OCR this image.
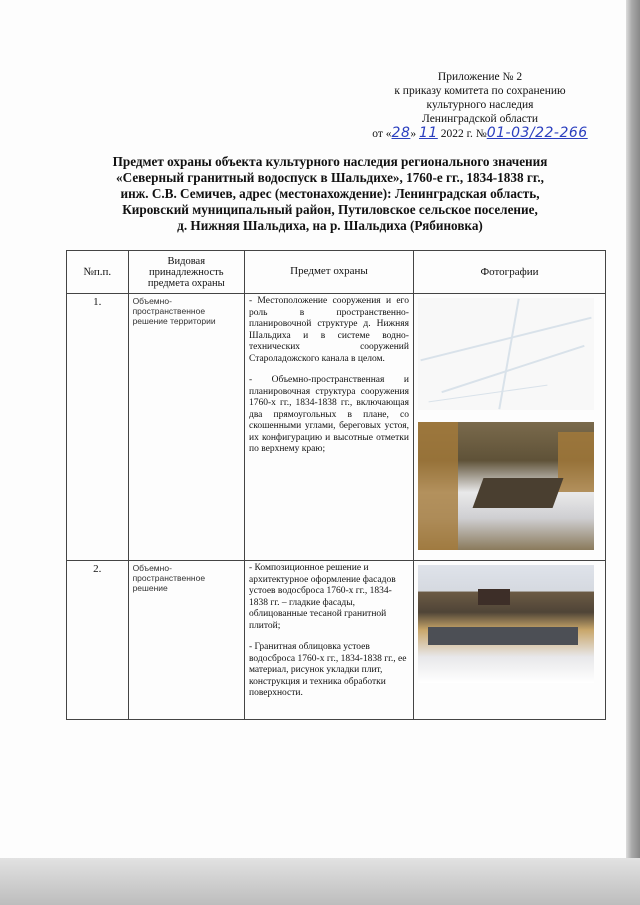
Приложение № 2
к приказу комитета по сохранению
культурного наследия
Ленинградской области
от «28» 11 2022 г. №01-03/22-266
Предмет охраны объекта культурного наследия регионального значения
«Северный гранитный водоспуск в Шальдихе», 1760-е гг., 1834-1838 гг.,
инж. С.В. Семичев, адрес (местонахождение): Ленинградская область,
Кировский муниципальный район, Путиловское сельское поселение,
д. Нижняя Шальдиха, на р. Шальдиха (Рябиновка)
№п.п.	Видовая принадлежность предмета охраны	Предмет охраны	Фотографии
1.	Объемно-пространственное решение территории	- Местоположение сооружения и его роль в пространственно-планировочной структуре д. Нижняя Шальдиха и в системе воднотехнических сооружений Староладожского канала в целом.

- Объемно-пространственная и планировочная структура сооружения 1760-х гг., 1834-1838 гг., включающая два прямоугольных в плане, со скошенными углами, береговых устоя, их конфигурацию и высотные отметки по верхнему краю;	

2.	Объемно-пространственное решение	- Композиционное решение и архитектурное оформление фасадов устоев водосброса 1760-х гг., 1834-1838 гг. – гладкие фасады, облицованные тесаной гранитной плитой;

- Гранитная облицовка устоев водосброса 1760-х гг., 1834-1838 гг., ее материал, рисунок укладки плит, конструкция и техника обработки поверхности.	
